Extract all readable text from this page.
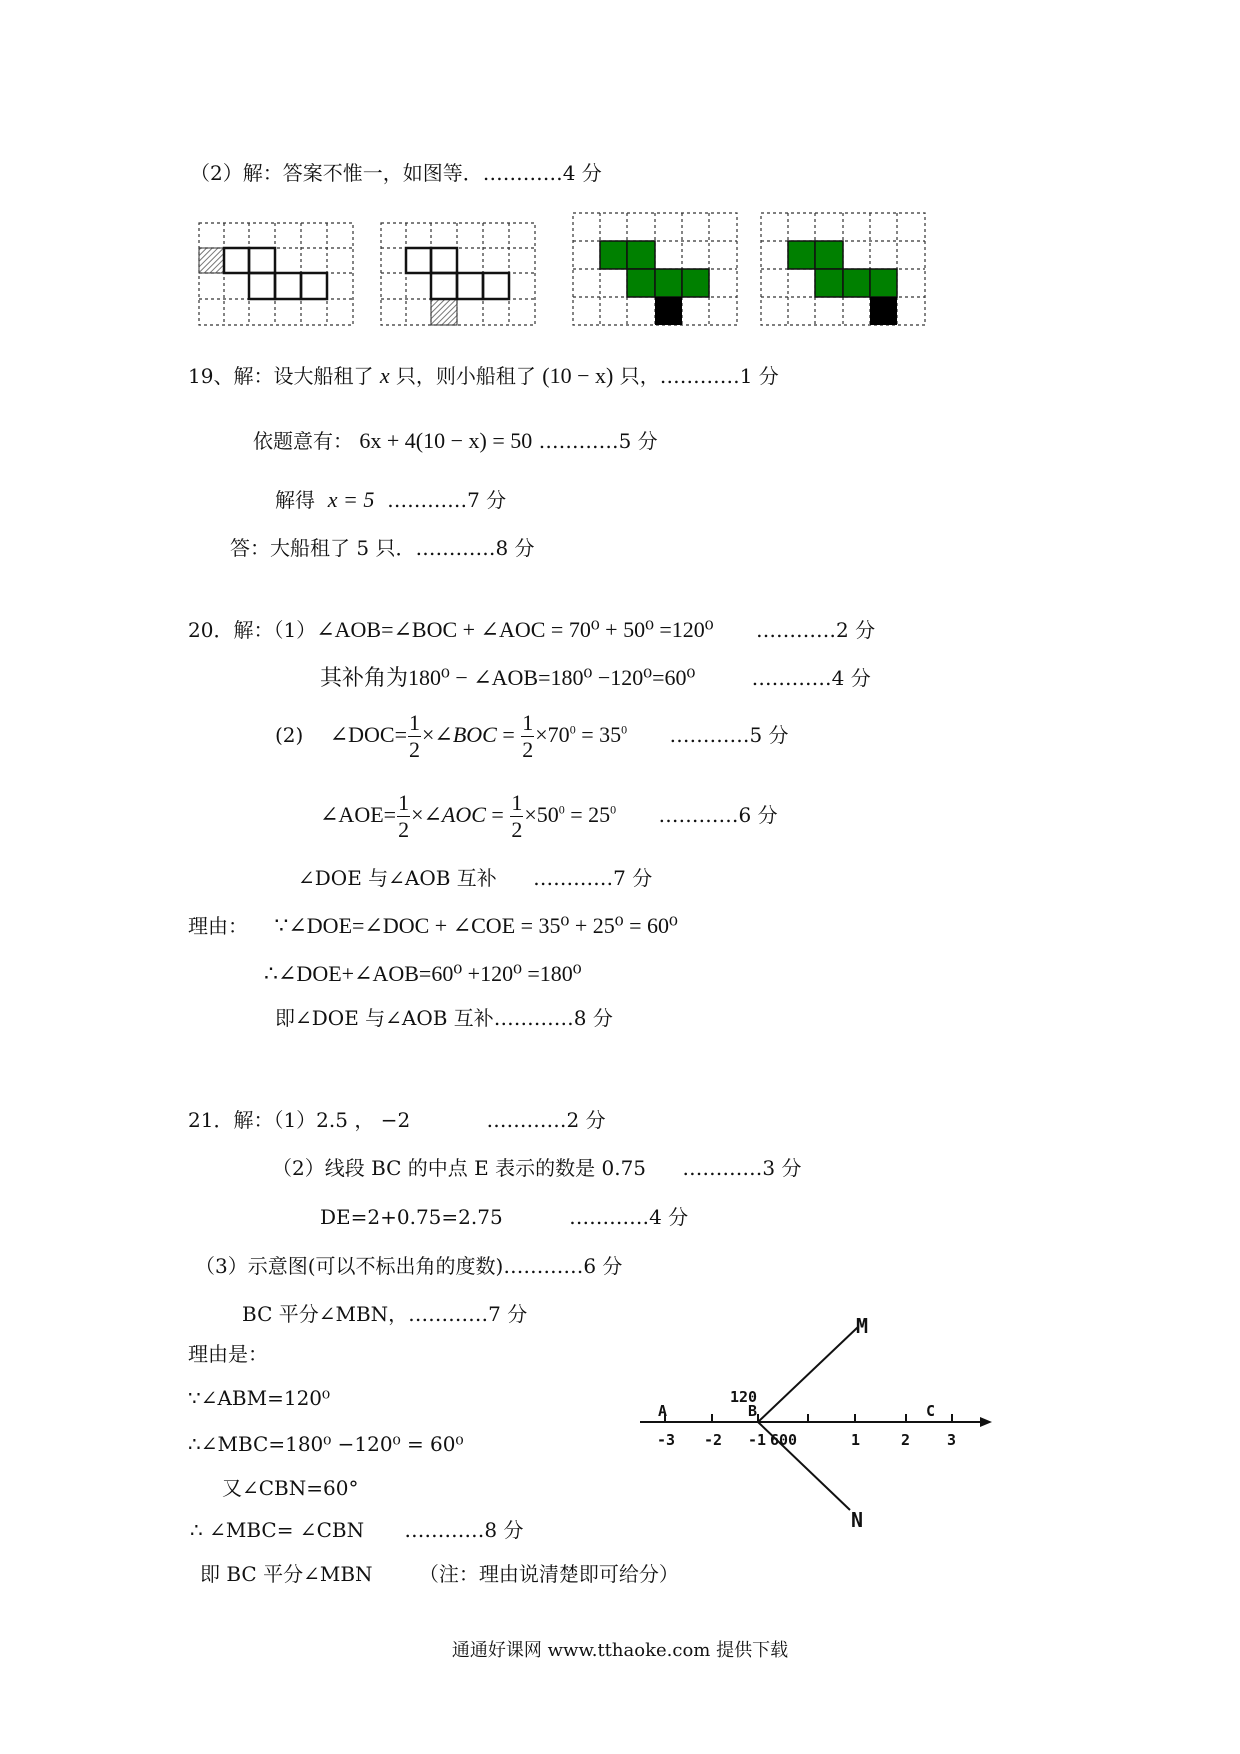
（2）解：答案不惟一，如图等．…………4 分
19、解：设大船租了 x 只，则小船租了 (10 − x) 只，…………1 分
依题意有： 6x + 4(10 − x) = 50 …………5 分
解得 x = 5 …………7 分
答：大船租了 5 只．…………8 分
20．解：（1）∠AOB=∠BOC + ∠AOC = 70⁰ + 50⁰ =120⁰ …………2 分
其补角为180⁰ − ∠AOB=180⁰ −120⁰=60⁰	…………4 分
(2) ∠DOC= $\frac{1}{2}$ ×∠BOC = $\frac{1}{2} \times 70^0 = 35^0$ …………5 分
∠AOE= $\frac{1}{2}$ ×∠AOC = $\frac{1}{2} \times 50^0 = 25^0$ …………6 分
∠DOE 与∠AOB 互补 …………7 分
理由： ∵∠DOE=∠DOC + ∠COE = 35⁰ + 25⁰ = 60⁰
∴∠DOE+∠AOB=60⁰ +120⁰ =180⁰
即∠DOE 与∠AOB 互补…………8 分
21．解：（1）2.5 ， −2	…………2 分
（2）线段 BC 的中点 E 表示的数是 0.75 …………3 分
DE=2+0.75=2.75	…………4 分
（3）示意图(可以不标出角的度数)…………6 分
BC 平分∠MBN，…………7 分
理由是：
∵∠ABM=120⁰
∴∠MBC=180⁰ −120⁰ = 60⁰
又∠CBN=60°
∴ ∠MBC= ∠CBN …………8 分
即 BC 平分∠MBN （注：理由说清楚即可给分）
-3 -2 -1	1	2 3
A	B	C
120
600
M
N
通通好课网 www.tthaoke.com 提供下载
